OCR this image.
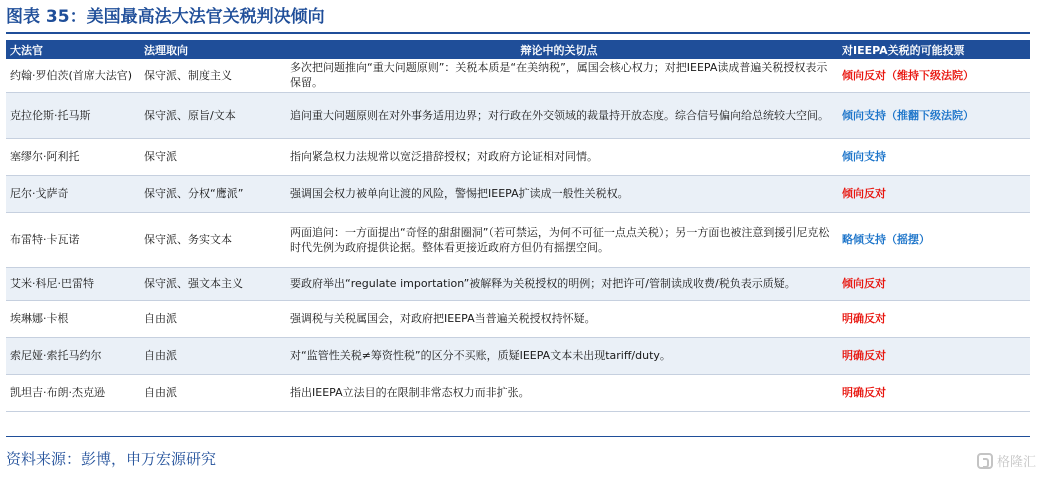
图表 35：美国最高法大法官关税判决倾向
大法官	法理取向	辩论中的关切点	对IEEPA关税的可能投票
约翰·罗伯茨(首席大法官)	保守派、制度主义	多次把问题推向“重大问题原则”：关税本质是“在美纳税”，属国会核心权力；对把IEEPA读成普遍关税授权表示保留。	倾向反对（维持下级法院）
克拉伦斯·托马斯	保守派、原旨/文本	追问重大问题原则在对外事务适用边界；对行政在外交领域的裁量持开放态度。综合信号偏向给总统较大空间。	倾向支持（推翻下级法院）
塞缪尔·阿利托	保守派	指向紧急权力法规常以宽泛措辞授权；对政府方论证相对同情。	倾向支持
尼尔·戈萨奇	保守派、分权“鹰派”	强调国会权力被单向让渡的风险，警惕把IEEPA扩读成一般性关税权。	倾向反对
布雷特·卡瓦诺	保守派、务实文本	两面追问：一方面提出“奇怪的甜甜圈洞”（若可禁运，为何不可征一点点关税）；另一方面也被注意到援引尼克松时代先例为政府提供论据。整体看更接近政府方但仍有摇摆空间。	略倾支持（摇摆）
艾米·科尼·巴雷特	保守派、强文本主义	要政府举出“regulate importation”被解释为关税授权的明例；对把许可/管制读成收费/税负表示质疑。	倾向反对
埃琳娜·卡根	自由派	强调税与关税属国会，对政府把IEEPA当普遍关税授权持怀疑。	明确反对
索尼娅·索托马约尔	自由派	对“监管性关税≠筹资性税”的区分不买账，质疑IEEPA文本未出现tariff/duty。	明确反对
凯坦吉·布朗·杰克逊	自由派	指出IEEPA立法目的在限制非常态权力而非扩张。	明确反对
资料来源：彭博，申万宏源研究	格隆汇
